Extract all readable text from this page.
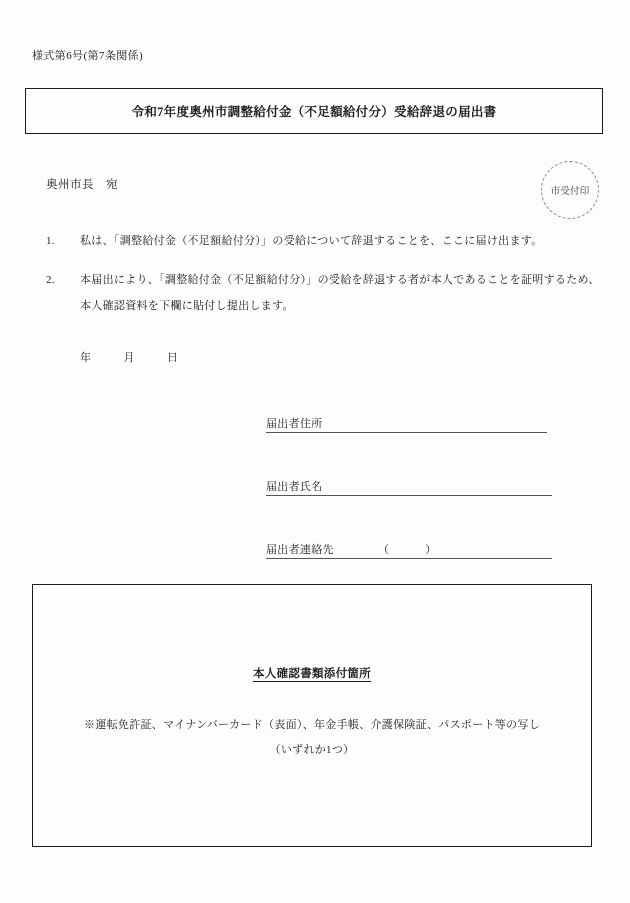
様式第6号(第7条関係)
令和7年度奥州市調整給付金（不足額給付分）受給辞退の届出書
奥州市長　宛
市受付印
1.	私は、「調整給付金（不足額給付分）」の受給について辞退することを、ここに届け出ます。
2.	本届出により、「調整給付金（不足額給付分）」の受給を辞退する者が本人であることを証明するため、
本人確認資料を下欄に貼付し提出します。
年	月	日
届出者住所
届出者氏名
届出者連絡先	（	）
本人確認書類添付箇所
※運転免許証、マイナンバーカード（表面）、年金手帳、介護保険証、パスポート等の写し
（いずれか1つ）
